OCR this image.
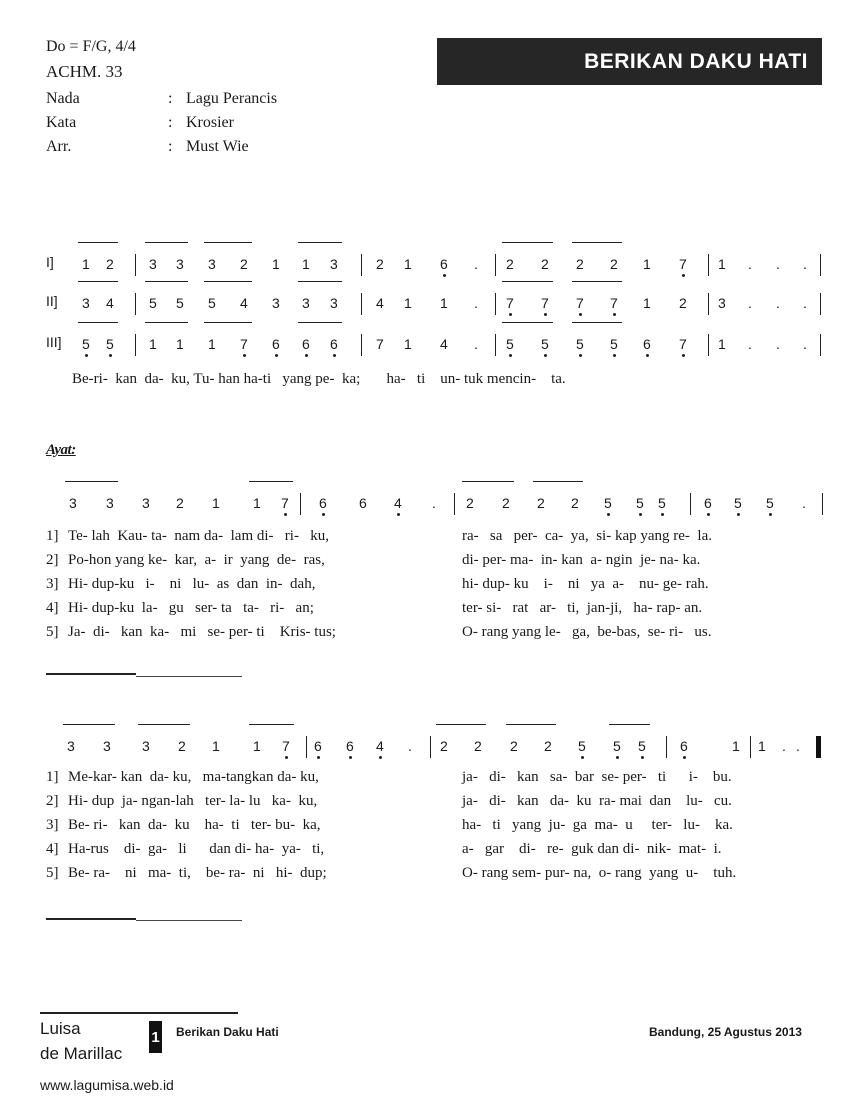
Do = F/G, 4/4
ACHM. 33	BERIKAN DAKU HATI
Nada	: Lagu Perancis
Kata	: Krosier
Arr.	: Must Wie
I]
II]
III]
1 2	3 3 3 2 1 1 3	2 1 6 . 2 2 2 2 1 7 1 . . .
3 4	5 5 5 4 3 3 3	4 1 1 . 7 7 7 7 1 2 3 . . .
5 5	1 1 1 7 6 6 6	7 1 4 . 5 5 5 5 6 7 1 . . .
Be-ri-  kan  da-  ku, Tu- han ha-ti   yang pe-  ka;       ha-   ti    un- tuk mencin-    ta.
Ayat:
3 3 3 2 1 1 7 6 6 4 . 2 2 2 2 5 5 5	6 5 5 .
1] Te- lah  Kau- ta-  nam da-  lam di-   ri-   ku,	ra-   sa   per-  ca-  ya,  si- kap yang re-  la.
2] Po-hon yang ke-  kar,  a-  ir  yang  de-  ras,	di- per- ma-  in- kan  a- ngin  je- na- ka.
3] Hi- dup-ku   i-    ni   lu-  as  dan  in-  dah,	hi- dup- ku    i-    ni   ya  a-    nu- ge- rah.
4] Hi- dup-ku  la-   gu   ser- ta   ta-   ri-   an;	ter- si-   rat   ar-   ti,  jan-ji,   ha- rap- an.
5] Ja-  di-   kan  ka-   mi   se- per- ti    Kris- tus;	O- rang yang le-   ga,  be-bas,  se- ri-   us.
3 3 3 2 1 1 7 6 6 4 . 2 2 2 2 5 5 5 6	1 1 . .
1] Me-kar- kan  da- ku,   ma-tangkan da- ku,	ja-   di-   kan   sa-  bar  se- per-   ti      i-    bu.
2] Hi- dup  ja- ngan-lah   ter- la- lu   ka-  ku,	ja-   di-   kan   da-  ku  ra- mai  dan    lu-   cu.
3] Be- ri-   kan  da-  ku    ha-  ti   ter- bu-  ka,	ha-   ti   yang  ju-  ga  ma-  u     ter-   lu-    ka.
4] Ha-rus    di-  ga-   li      dan di- ha-  ya-   ti,	a-   gar    di-   re-  guk dan di-  nik-  mat-  i.
5] Be- ra-    ni   ma-  ti,    be- ra-  ni   hi-  dup;	O- rang sem- pur- na,  o- rang  yang  u-    tuh.
Luisa
de Marillac
1 Berikan Daku Hati	Bandung, 25 Agustus 2013
www.lagumisa.web.id
